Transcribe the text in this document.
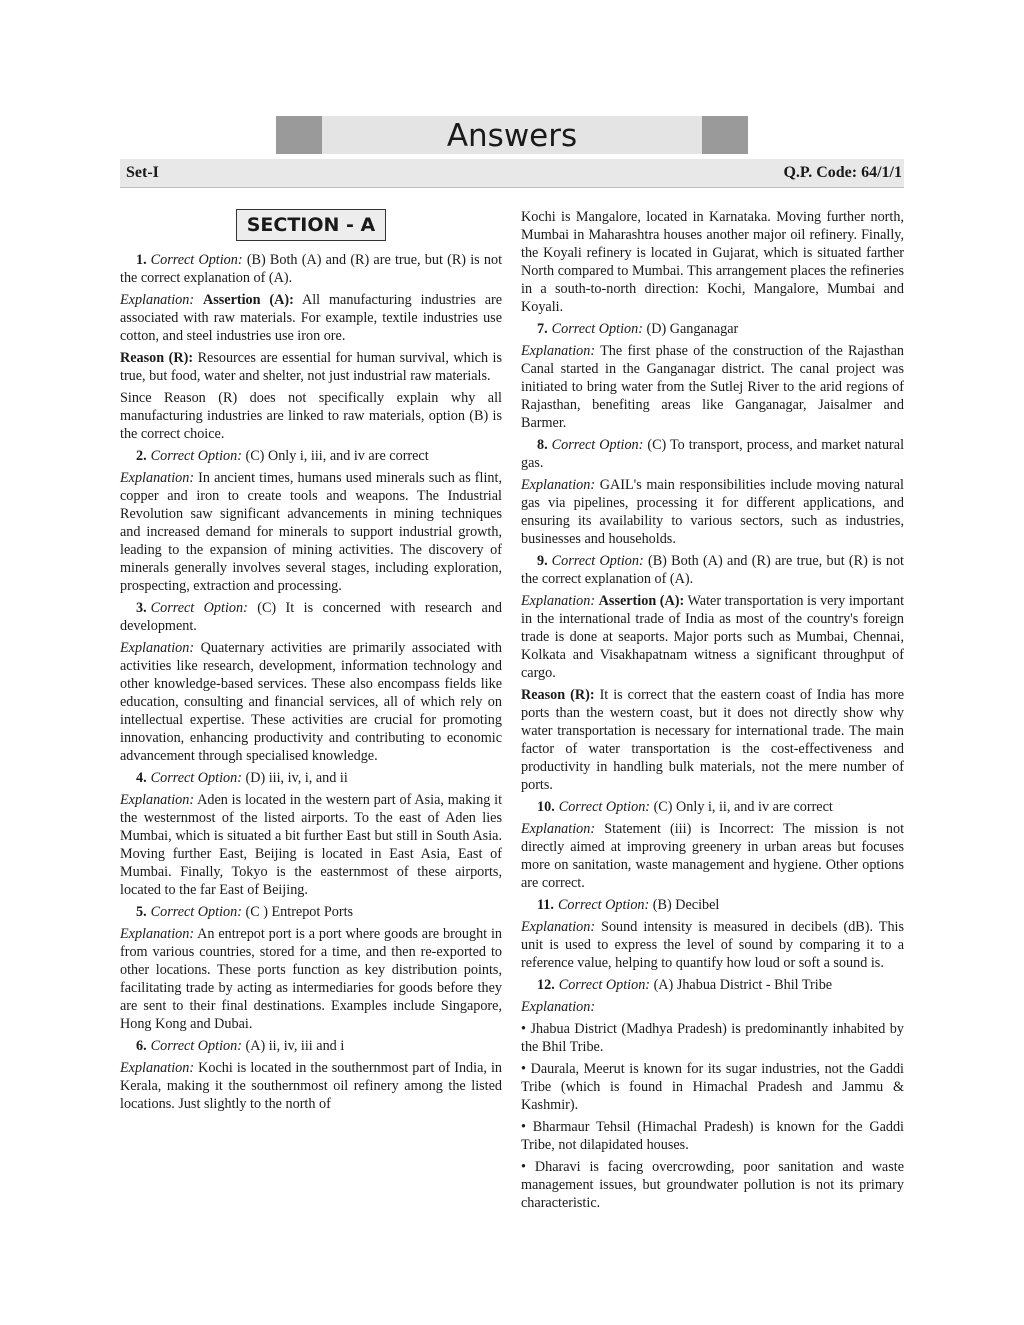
Answers
Set-I	Q.P. Code: 64/1/1
SECTION - A

1. Correct Option: (B) Both (A) and (R) are true, but (R) is not the correct explanation of (A).

Explanation: Assertion (A): All manufacturing industries are associated with raw materials. For example, textile industries use cotton, and steel industries use iron ore.

Reason (R): Resources are essential for human survival, which is true, but food, water and shelter, not just industrial raw materials.

Since Reason (R) does not specifically explain why all manufacturing industries are linked to raw materials, option (B) is the correct choice.

2. Correct Option: (C) Only i, iii, and iv are correct

Explanation: In ancient times, humans used minerals such as flint, copper and iron to create tools and weapons. The Industrial Revolution saw significant advancements in mining techniques and increased demand for minerals to support industrial growth, leading to the expansion of mining activities. The discovery of minerals generally involves several stages, including exploration, prospecting, extraction and processing.

3. Correct Option: (C) It is concerned with research and development.

Explanation: Quaternary activities are primarily associated with activities like research, development, information technology and other knowledge-based services. These also encompass fields like education, consulting and financial services, all of which rely on intellectual expertise. These activities are crucial for promoting innovation, enhancing productivity and contributing to economic advancement through specialised knowledge.

4. Correct Option: (D) iii, iv, i, and ii

Explanation: Aden is located in the western part of Asia, making it the westernmost of the listed airports. To the east of Aden lies Mumbai, which is situated a bit further East but still in South Asia. Moving further East, Beijing is located in East Asia, East of Mumbai. Finally, Tokyo is the easternmost of these airports, located to the far East of Beijing.

5. Correct Option: (C ) Entrepot Ports

Explanation: An entrepot port is a port where goods are brought in from various countries, stored for a time, and then re-exported to other locations. These ports function as key distribution points, facilitating trade by acting as intermediaries for goods before they are sent to their final destinations. Examples include Singapore, Hong Kong and Dubai.

6. Correct Option: (A) ii, iv, iii and i

Explanation: Kochi is located in the southernmost part of India, in Kerala, making it the southernmost oil refinery among the listed locations. Just slightly to the north of

Kochi is Mangalore, located in Karnataka. Moving further north, Mumbai in Maharashtra houses another major oil refinery. Finally, the Koyali refinery is located in Gujarat, which is situated farther North compared to Mumbai. This arrangement places the refineries in a south-to-north direction: Kochi, Mangalore, Mumbai and Koyali.

7. Correct Option: (D) Ganganagar

Explanation: The first phase of the construction of the Rajasthan Canal started in the Ganganagar district. The canal project was initiated to bring water from the Sutlej River to the arid regions of Rajasthan, benefiting areas like Ganganagar, Jaisalmer and Barmer.

8. Correct Option: (C) To transport, process, and market natural gas.

Explanation: GAIL's main responsibilities include moving natural gas via pipelines, processing it for different applications, and ensuring its availability to various sectors, such as industries, businesses and households.

9. Correct Option: (B) Both (A) and (R) are true, but (R) is not the correct explanation of (A).

Explanation: Assertion (A): Water transportation is very important in the international trade of India as most of the country's foreign trade is done at seaports. Major ports such as Mumbai, Chennai, Kolkata and Visakhapatnam witness a significant throughput of cargo.

Reason (R): It is correct that the eastern coast of India has more ports than the western coast, but it does not directly show why water transportation is necessary for international trade. The main factor of water transportation is the cost-effectiveness and productivity in handling bulk materials, not the mere number of ports.

10. Correct Option: (C) Only i, ii, and iv are correct

Explanation: Statement (iii) is Incorrect: The mission is not directly aimed at improving greenery in urban areas but focuses more on sanitation, waste management and hygiene. Other options are correct.

11. Correct Option: (B) Decibel

Explanation: Sound intensity is measured in decibels (dB). This unit is used to express the level of sound by comparing it to a reference value, helping to quantify how loud or soft a sound is.

12. Correct Option: (A) Jhabua District - Bhil Tribe

Explanation:

• Jhabua District (Madhya Pradesh) is predominantly inhabited by the Bhil Tribe.

• Daurala, Meerut is known for its sugar industries, not the Gaddi Tribe (which is found in Himachal Pradesh and Jammu & Kashmir).

• Bharmaur Tehsil (Himachal Pradesh) is known for the Gaddi Tribe, not dilapidated houses.

• Dharavi is facing overcrowding, poor sanitation and waste management issues, but groundwater pollution is not its primary characteristic.
